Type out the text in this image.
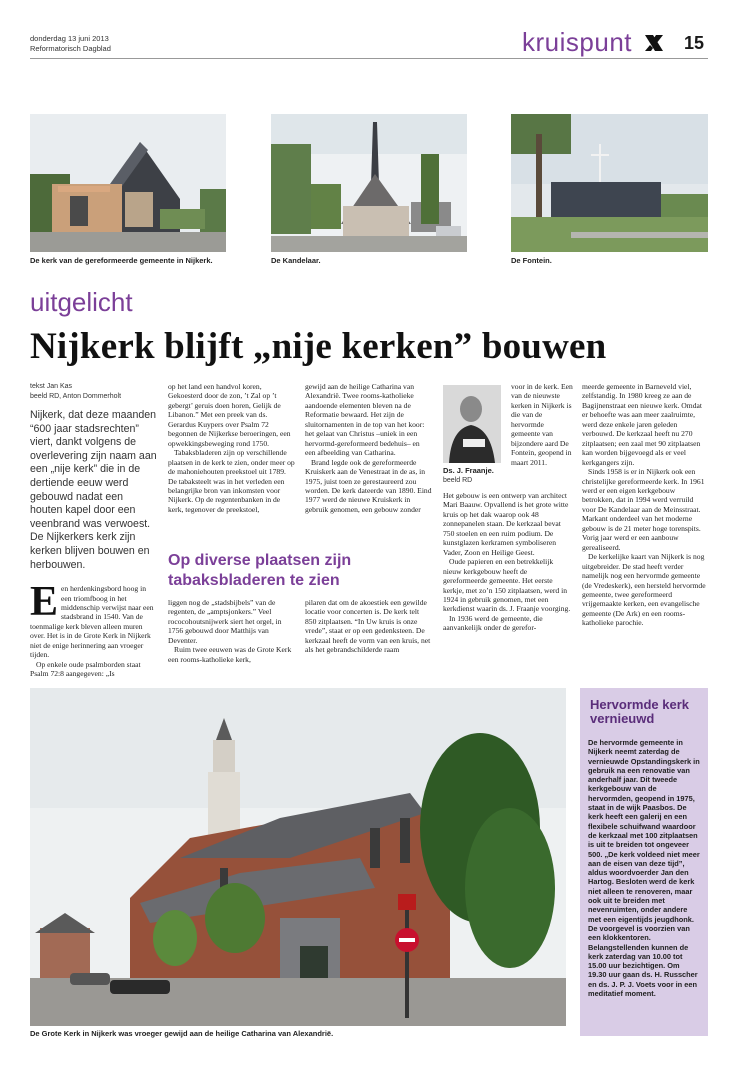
donderdag 13 juni 2013
Reformatorisch Dagblad	kruispunt	15
De kerk van de gereformeerde gemeente in Nijkerk.	De Kandelaar.	De Fontein.
uitgelicht
Nijkerk blijft „nije kerken” bouwen
tekst Jan Kas
beeld RD, Anton Dommerholt
Nijkerk, dat deze maanden “600 jaar stadsrechten” viert, dankt volgens de overlevering zijn naam aan een „nije kerk” die in de dertiende eeuw werd gebouwd nadat een houten kapel door een veenbrand was verwoest. De Nijkerkers kerk zijn kerken blijven bouwen en herbouwen.
E en herdenkingsbord hoog in een triomfboog in het middenschip verwijst naar een stadsbrand in 1540. Van de toenmalige kerk bleven alleen muren over. Het is in de Grote Kerk in Nijkerk niet de enige herinnering aan vroeger tijden.

Op enkele oude psalmborden staat Psalm 72:8 aangegeven: „Is

op het land een handvol koren, Gekoesterd door de zon, ’t Zal op ’t gebergt’ geruis doen horen, Gelijk de Libanon.” Met een preek van ds. Gerardus Kuypers over Psalm 72 begonnen de Nijkerkse beroeringen, een opwekkingsbeweging rond 1750.

Tabaksbladeren zijn op verschillende plaatsen in de kerk te zien, onder meer op de mahoniehouten preekstoel uit 1789. De tabaksteelt was in het verleden een belangrijke bron van inkomsten voor Nijkerk. Op de regentenbanken in de kerk, tegenover de preekstoel,

gewijd aan de heilige Catharina van Alexandrië. Twee rooms-katholieke aandoende elementen bleven na de Reformatie bewaard. Het zijn de sluitornamenten in de top van het koor: het gelaat van Christus –uniek in een hervormd-gereformeerd bedehuis– en een afbeelding van Catharina.

Brand legde ook de gereformeerde Kruiskerk aan de Venestraat in de as, in 1975, juist toen ze gerestaureerd zou worden. De kerk dateerde van 1890. Eind 1977 werd de nieuwe Kruiskerk in gebruik genomen, een gebouw zonder

Op diverse plaatsen zijn tabaksbladeren te zien

liggen nog de „stadsbijbels” van de regenten, de „amptsjonkers.” Veel rococohoutsnijwerk siert het orgel, in 1756 gebouwd door Matthijs van Deventer.

Ruim twee eeuwen was de Grote Kerk een rooms-katholieke kerk,

pilaren dat om de akoestiek een gewilde locatie voor concerten is. De kerk telt 850 zitplaatsen. “In Uw kruis is onze vrede”, staat er op een gedenksteen. De kerkzaal heeft de vorm van een kruis, net als het gebrandschilderde raam

Ds. J. Fraanje.
beeld RD

voor in de kerk. Een van de nieuwste kerken in Nijkerk is die van de hervormde gemeente van bijzondere aard De Fontein, geopend in maart 2011.

Het gebouw is een ontwerp van architect Mari Baauw. Opvallend is het grote witte kruis op het dak waarop ook 48 zonnepanelen staan. De kerkzaal bevat 750 stoelen en een ruim podium. De kunstglazen kerkramen symboliseren Vader, Zoon en Heilige Geest.

Oude papieren en een betrekkelijk nieuw kerkgebouw heeft de gereformeerde gemeente. Het eerste kerkje, met zo’n 150 zitplaatsen, werd in 1924 in gebruik genomen, met een kerkdienst waarin ds. J. Fraanje voorging.

In 1936 werd de gemeente, die aanvankelijk onder de gerefor-

meerde gemeente in Barneveld viel, zelfstandig. In 1980 kreeg ze aan de Bagijnenstraat een nieuwe kerk. Omdat er behoefte was aan meer zaalruimte, werd deze enkele jaren geleden verbouwd. De kerkzaal heeft nu 270 zitplaatsen; een zaal met 90 zitplaatsen kan worden bijgevoegd als er veel kerkgangers zijn.

Sinds 1958 is er in Nijkerk ook een christelijke gereformeerde kerk. In 1961 werd er een eigen kerkgebouw betrokken, dat in 1994 werd verruild voor De Kandelaar aan de Meinsstraat. Markant onderdeel van het moderne gebouw is de 21 meter hoge torenspits. Vorig jaar werd er een aanbouw gerealiseerd.

De kerkelijke kaart van Nijkerk is nog uitgebreider. De stad heeft verder namelijk nog een hervormde gemeente (de Vredeskerk), een hersteld hervormde gemeente, twee gereformeerd vrijgemaakte kerken, een evangelische gemeente (De Ark) en een rooms-katholieke parochie.

De Grote Kerk in Nijkerk was vroeger gewijd aan de heilige Catharina van Alexandrië.
Hervormde kerk vernieuwd
De hervormde gemeente in Nijkerk neemt zaterdag de vernieuwde Opstandingskerk in gebruik na een renovatie van anderhalf jaar. Dit tweede kerkgebouw van de hervormden, geopend in 1975, staat in de wijk Paasbos. De kerk heeft een galerij en een flexibele schuifwand waardoor de kerkzaal met 100 zitplaatsen is uit te breiden tot ongeveer 500. „De kerk voldeed niet meer aan de eisen van deze tijd”, aldus woordvoerder Jan den Hartog. Besloten werd de kerk niet alleen te renoveren, maar ook uit te breiden met nevenruimten, onder andere met een eigentijds jeugdhonk. De voorgevel is voorzien van een klokkentoren. Belangstellenden kunnen de kerk zaterdag van 10.00 tot 15.00 uur bezichtigen. Om 19.30 uur gaan ds. H. Russcher en ds. J. P. J. Voets voor in een meditatief moment.
